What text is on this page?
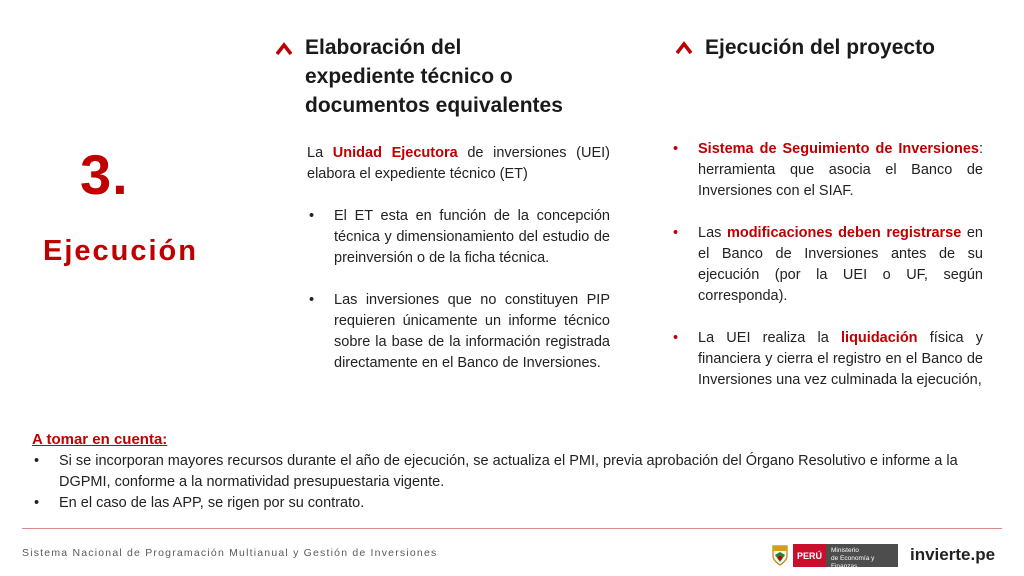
3.
Ejecución
Elaboración del
expediente técnico o
documentos equivalentes
La Unidad Ejecutora de inversiones (UEI) elabora el expediente técnico (ET)
• El ET esta en función de la concepción técnica y dimensionamiento del estudio de preinversión o de la ficha técnica.
• Las inversiones que no constituyen PIP requieren únicamente un informe técnico sobre la base de la información registrada directamente en el Banco de Inversiones.
Ejecución del proyecto
• Sistema de Seguimiento de Inversiones: herramienta que asocia el Banco de Inversiones con el SIAF.
• Las modificaciones deben registrarse en el Banco de Inversiones antes de su ejecución (por la UEI o UF, según corresponda).
• La UEI realiza la liquidación física y financiera y cierra el registro en el Banco de Inversiones una vez culminada la ejecución,
A tomar en cuenta:
• Si se incorporan mayores recursos durante el año de ejecución, se actualiza el PMI, previa aprobación del Órgano Resolutivo e informe a la DGPMI, conforme a la normatividad presupuestaria vigente.
• En el caso de las APP, se rigen por su contrato.
Sistema Nacional de Programación Multianual y Gestión de Inversiones	PERÚ	Ministerio
de Economía y Finanzas
invierte.pe
